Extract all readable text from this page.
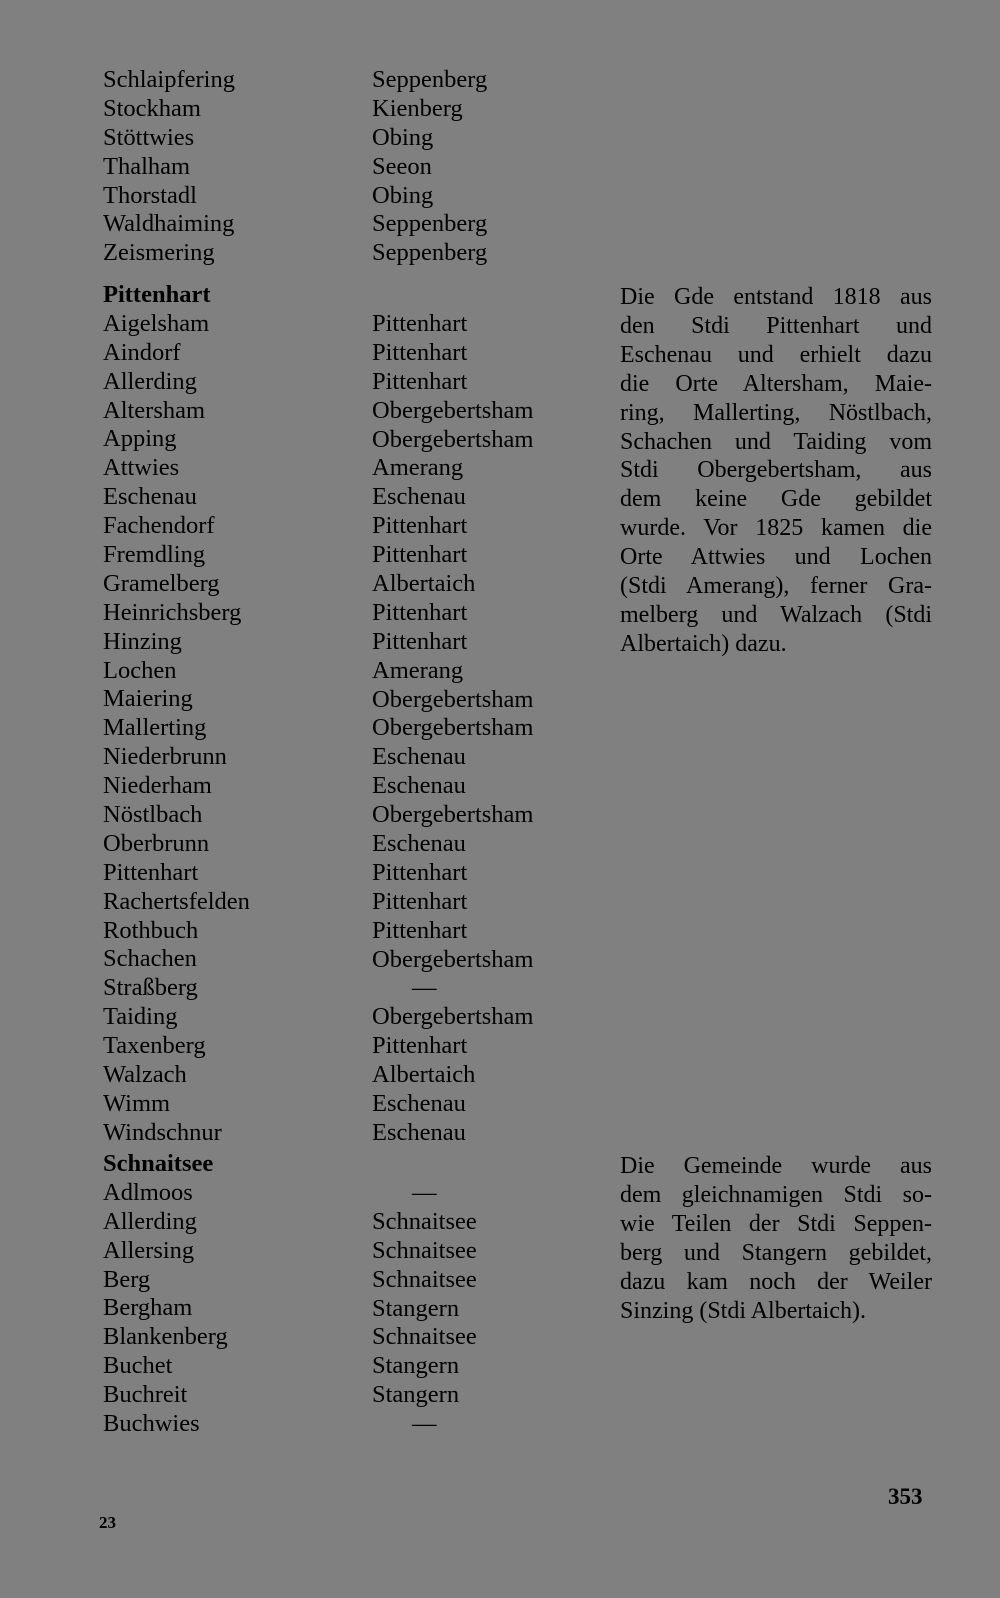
Schlaipfering
Stockham
Stöttwies
Thalham
Thorstadl
Waldhaiming
Zeismering
Seppenberg
Kienberg
Obing
Seeon
Obing
Seppenberg
Seppenberg
Pittenhart
Aigelsham
Aindorf
Allerding
Altersham
Apping
Attwies
Eschenau
Fachendorf
Fremdling
Gramelberg
Heinrichsberg
Hinzing
Lochen
Maiering
Mallerting
Niederbrunn
Niederham
Nöstlbach
Oberbrunn
Pittenhart
Rachertsfelden
Rothbuch
Schachen
Straßberg
Taiding
Taxenberg
Walzach
Wimm
Windschnur
Pittenhart
Pittenhart
Pittenhart
Obergebertsham
Obergebertsham
Amerang
Eschenau
Pittenhart
Pittenhart
Albertaich
Pittenhart
Pittenhart
Amerang
Obergebertsham
Obergebertsham
Eschenau
Eschenau
Obergebertsham
Eschenau
Pittenhart
Pittenhart
Pittenhart
Obergebertsham
—
Obergebertsham
Pittenhart
Albertaich
Eschenau
Eschenau
Die Gde entstand 1818 aus
den Stdi Pittenhart und
Eschenau und erhielt dazu
die Orte Altersham, Maie-
ring, Mallerting, Nöstlbach,
Schachen und Taiding vom
Stdi Obergebertsham, aus
dem keine Gde gebildet
wurde. Vor 1825 kamen die
Orte Attwies und Lochen
(Stdi Amerang), ferner Gra-
melberg und Walzach (Stdi
Albertaich) dazu.
Schnaitsee
Adlmoos
Allerding
Allersing
Berg
Bergham
Blankenberg
Buchet
Buchreit
Buchwies
—
Schnaitsee
Schnaitsee
Schnaitsee
Stangern
Schnaitsee
Stangern
Stangern
—
Die Gemeinde wurde aus
dem gleichnamigen Stdi so-
wie Teilen der Stdi Seppen-
berg und Stangern gebildet,
dazu kam noch der Weiler
Sinzing (Stdi Albertaich).
353
23
